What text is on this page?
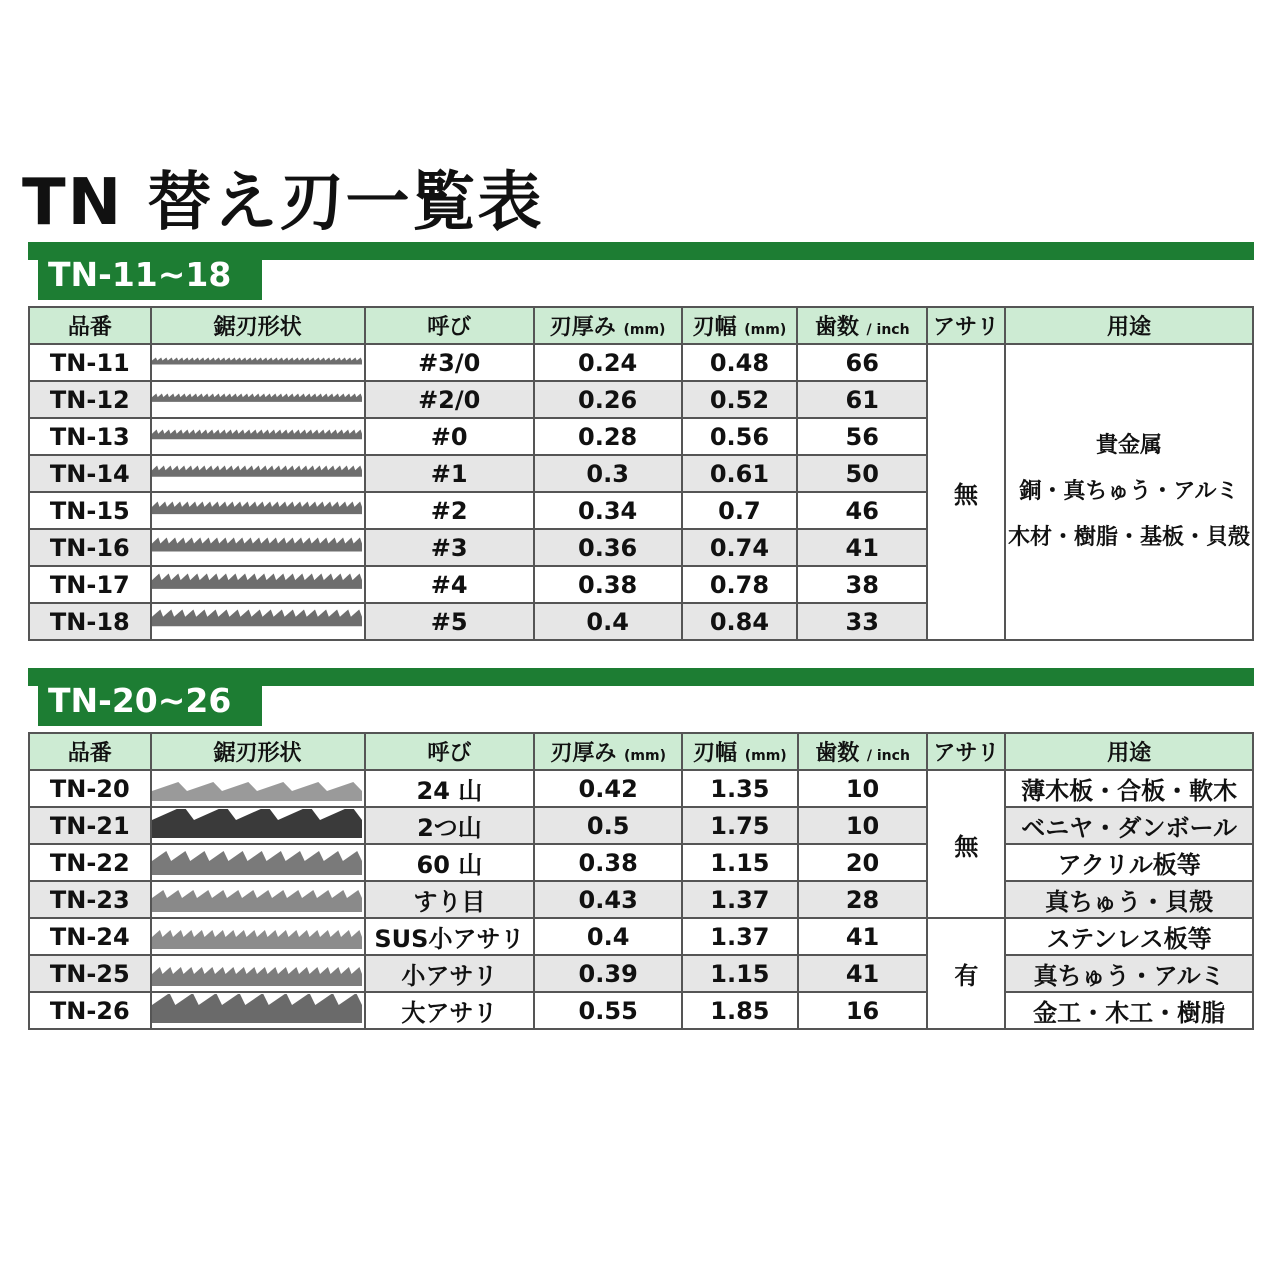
TN 替え刃一覧表
TN-11~18
品番	鋸刃形状	呼び	刃厚み (mm)	刃幅 (mm)	歯数 / inch	アサリ	用途
TN-11		#3/0	0.24	0.48	66	無	貴金属
銅・真ちゅう・アルミ
木材・樹脂・基板・貝殻

TN-12		#2/0	0.26	0.52	61		
TN-13		#0	0.28	0.56	56		
TN-14		#1	0.3	0.61	50		
TN-15		#2	0.34	0.7	46		
TN-16		#3	0.36	0.74	41		
TN-17		#4	0.38	0.78	38		
TN-18		#5	0.4	0.84	33		
TN-20~26
品番	鋸刃形状	呼び	刃厚み (mm)	刃幅 (mm)	歯数 / inch	アサリ	用途
TN-20		24 山	0.42	1.35	10	無	薄木板・合板・軟木
TN-21		2つ山	0.5	1.75	10		ベニヤ・ダンボール
TN-22		60 山	0.38	1.15	20		アクリル板等
TN-23		すり目	0.43	1.37	28		真ちゅう・貝殻
TN-24		SUS小アサリ	0.4	1.37	41	有	ステンレス板等
TN-25		小アサリ	0.39	1.15	41		真ちゅう・アルミ
TN-26		大アサリ	0.55	1.85	16		金工・木工・樹脂
